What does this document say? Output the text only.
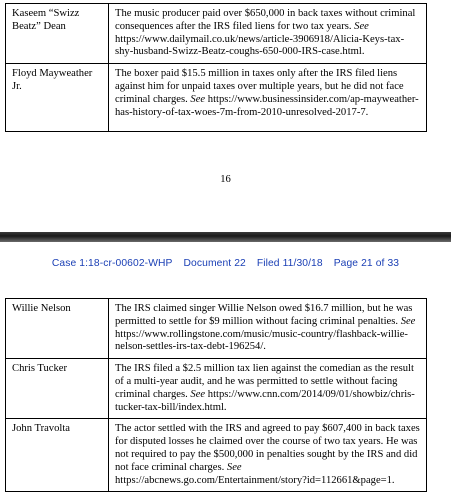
Kaseem “Swizz Beatz” Dean	The music producer paid over $650,000 in back taxes without criminal consequences after the IRS filed liens for two tax years. See https://www.dailymail.co.uk/news/article-3906918/Alicia-Keys-tax-shy-husband-Swizz-Beatz-coughs-650-000-IRS-case.html.
Floyd Mayweather Jr.	The boxer paid $15.5 million in taxes only after the IRS filed liens against him for unpaid taxes over multiple years, but he did not face criminal charges. See https://www.businessinsider.com/ap-mayweather-has-history-of-tax-woes-7m-from-2010-unresolved-2017-7.
16
Case 1:18-cr-00602-WHP Document 22 Filed 11/30/18 Page 21 of 33
Willie Nelson	The IRS claimed singer Willie Nelson owed $16.7 million, but he was permitted to settle for $9 million without facing criminal penalties. See https://www.rollingstone.com/music/music-country/flashback-willie-nelson-settles-irs-tax-debt-196254/.
Chris Tucker	The IRS filed a $2.5 million tax lien against the comedian as the result of a multi-year audit, and he was permitted to settle without facing criminal charges. See https://www.cnn.com/2014/09/01/showbiz/chris-tucker-tax-bill/index.html.
John Travolta	The actor settled with the IRS and agreed to pay $607,400 in back taxes for disputed losses he claimed over the course of two tax years. He was not required to pay the $500,000 in penalties sought by the IRS and did not face criminal charges. See https://abcnews.go.com/Entertainment/story?id=112661&page=1.
